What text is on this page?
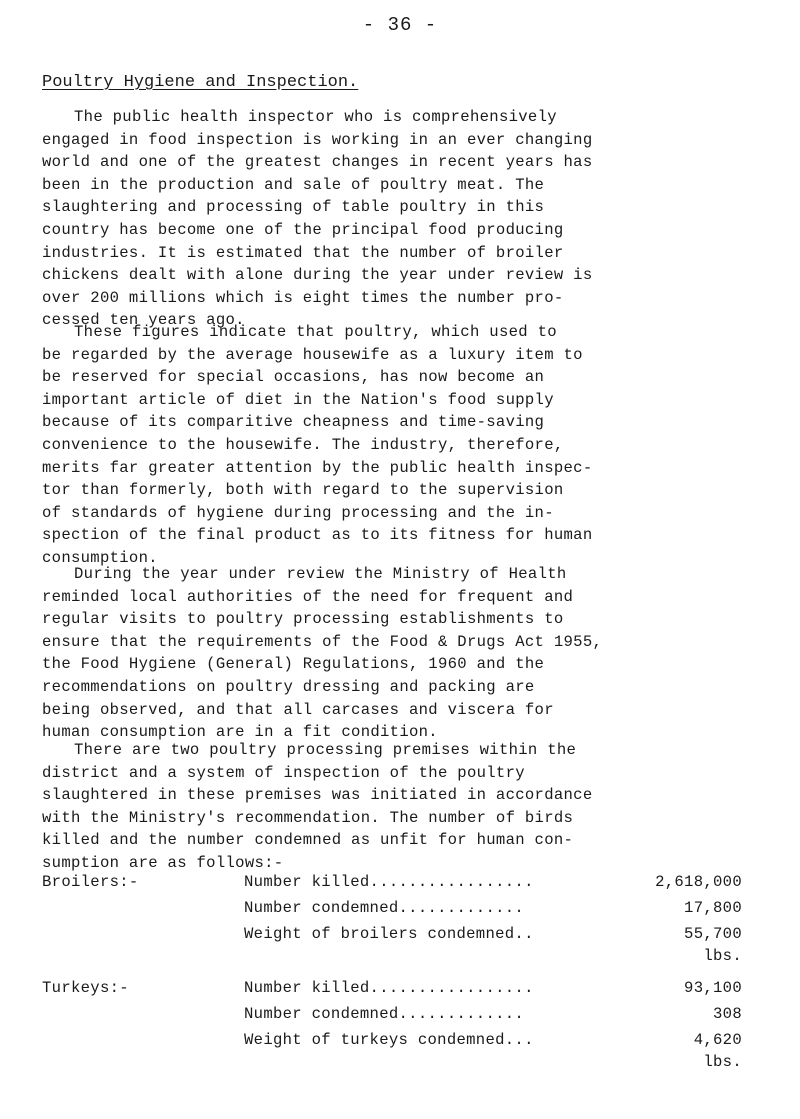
- 36 -
Poultry Hygiene and Inspection.

The public health inspector who is comprehensively
engaged in food inspection is working in an ever changing
world and one of the greatest changes in recent years has
been in the production and sale of poultry meat. The
slaughtering and processing of table poultry in this
country has become one of the principal food producing
industries. It is estimated that the number of broiler
chickens dealt with alone during the year under review is
over 200 millions which is eight times the number pro-
cessed ten years ago.

These figures indicate that poultry, which used to
be regarded by the average housewife as a luxury item to
be reserved for special occasions, has now become an
important article of diet in the Nation's food supply
because of its comparitive cheapness and time-saving
convenience to the housewife. The industry, therefore,
merits far greater attention by the public health inspec-
tor than formerly, both with regard to the supervision
of standards of hygiene during processing and the in-
spection of the final product as to its fitness for human
consumption.

During the year under review the Ministry of Health
reminded local authorities of the need for frequent and
regular visits to poultry processing establishments to
ensure that the requirements of the Food & Drugs Act 1955,
the Food Hygiene (General) Regulations, 1960 and the
recommendations on poultry dressing and packing are
being observed, and that all carcases and viscera for
human consumption are in a fit condition.

There are two poultry processing premises within the
district and a system of inspection of the poultry
slaughtered in these premises was initiated in accordance
with the Ministry's recommendation. The number of birds
killed and the number condemned as unfit for human con-
sumption are as follows:-

Broilers:-	Number killed.................	2,618,000
Number condemned.............	17,800
Weight of broilers condemned..	55,700
lbs.
Turkeys:-	Number killed.................	93,100
Number condemned.............	308
Weight of turkeys condemned...	4,620
lbs.
